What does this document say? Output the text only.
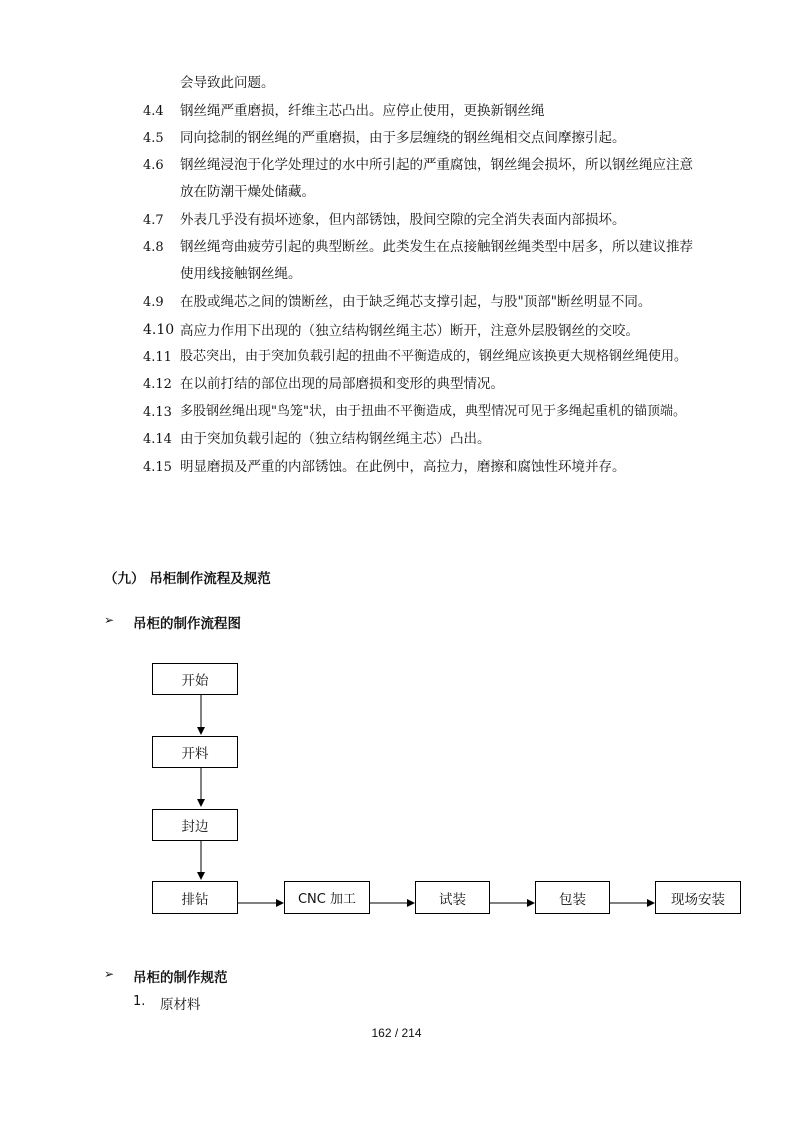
会导致此问题。
4.4 钢丝绳严重磨损，纤维主芯凸出。应停止使用，更换新钢丝绳
4.5 同向捻制的钢丝绳的严重磨损，由于多层缠绕的钢丝绳相交点间摩擦引起。
4.6 钢丝绳浸泡于化学处理过的水中所引起的严重腐蚀，钢丝绳会损坏，所以钢丝绳应注意
放在防潮干燥处储藏。
4.7 外表几乎没有损坏迹象，但内部锈蚀，股间空隙的完全消失表面内部损坏。
4.8 钢丝绳弯曲疲劳引起的典型断丝。此类发生在点接触钢丝绳类型中居多，所以建议推荐
使用线接触钢丝绳。
4.9 在股或绳芯之间的馈断丝，由于缺乏绳芯支撑引起，与股"顶部"断丝明显不同。
4.10 高应力作用下出现的（独立结构钢丝绳主芯）断开，注意外层股钢丝的交咬。
4.11 股芯突出，由于突加负载引起的扭曲不平衡造成的，钢丝绳应该换更大规格钢丝绳使用。
4.12 在以前打结的部位出现的局部磨损和变形的典型情况。
4.13 多股钢丝绳出现"鸟笼"状，由于扭曲不平衡造成，典型情况可见于多绳起重机的锚顶端。
4.14 由于突加负载引起的（独立结构钢丝绳主芯）凸出。
4.15 明显磨损及严重的内部锈蚀。在此例中，高拉力，磨擦和腐蚀性环境并存。
（九） 吊柜制作流程及规范
➢ 吊柜的制作流程图
开始
开料
封边
排钻	CNC 加工	试装	包装	现场安装
➢ 吊柜的制作规范
1. 原材料
162 / 214
